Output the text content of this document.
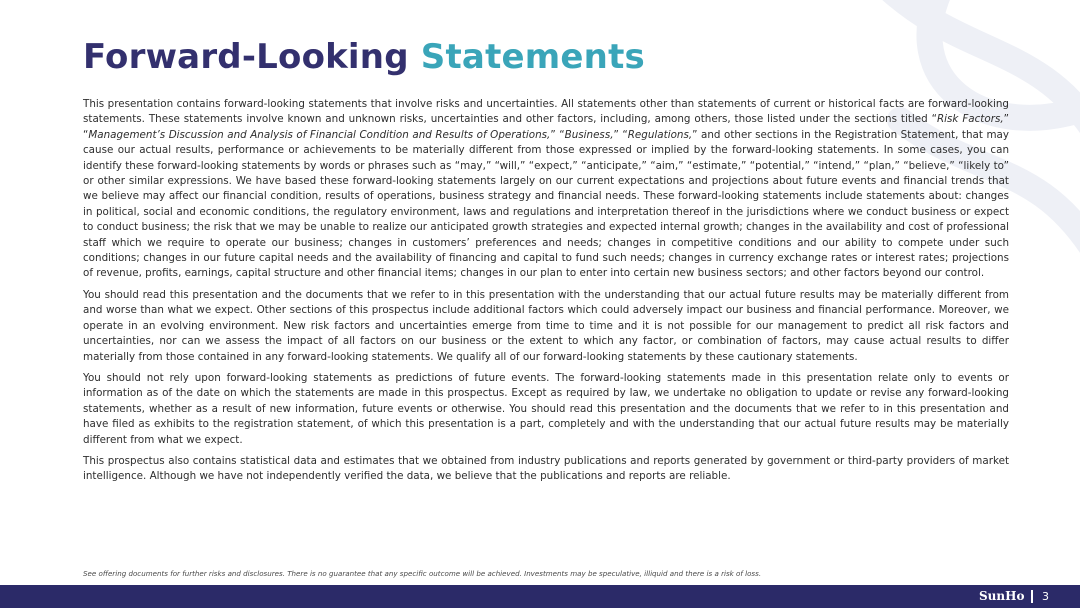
Forward-Looking Statements

This presentation contains forward-looking statements that involve risks and uncertainties. All statements other than statements of current or historical facts are forward-looking statements. These statements involve known and unknown risks, uncertainties and other factors, including, among others, those listed under the sections titled “Risk Factors,” “Management’s Discussion and Analysis of Financial Condition and Results of Operations,” “Business,” “Regulations,” and other sections in the Registration Statement, that may cause our actual results, performance or achievements to be materially different from those expressed or implied by the forward-looking statements. In some cases, you can identify these forward-looking statements by words or phrases such as “may,” “will,” “expect,” “anticipate,” “aim,” “estimate,” “potential,” “intend,” “plan,” “believe,” “likely to” or other similar expressions. We have based these forward-looking statements largely on our current expectations and projections about future events and financial trends that we believe may affect our financial condition, results of operations, business strategy and financial needs. These forward-looking statements include statements about: changes in political, social and economic conditions, the regulatory environment, laws and regulations and interpretation thereof in the jurisdictions where we conduct business or expect to conduct business; the risk that we may be unable to realize our anticipated growth strategies and expected internal growth; changes in the availability and cost of professional staff which we require to operate our business; changes in customers’ preferences and needs; changes in competitive conditions and our ability to compete under such conditions; changes in our future capital needs and the availability of financing and capital to fund such needs; changes in currency exchange rates or interest rates; projections of revenue, profits, earnings, capital structure and other financial items; changes in our plan to enter into certain new business sectors; and other factors beyond our control.

You should read this presentation and the documents that we refer to in this presentation with the understanding that our actual future results may be materially different from and worse than what we expect. Other sections of this prospectus include additional factors which could adversely impact our business and financial performance. Moreover, we operate in an evolving environment. New risk factors and uncertainties emerge from time to time and it is not possible for our management to predict all risk factors and uncertainties, nor can we assess the impact of all factors on our business or the extent to which any factor, or combination of factors, may cause actual results to differ materially from those contained in any forward-looking statements. We qualify all of our forward-looking statements by these cautionary statements.

You should not rely upon forward-looking statements as predictions of future events. The forward-looking statements made in this presentation relate only to events or information as of the date on which the statements are made in this prospectus. Except as required by law, we undertake no obligation to update or revise any forward-looking statements, whether as a result of new information, future events or otherwise. You should read this presentation and the documents that we refer to in this presentation and have filed as exhibits to the registration statement, of which this presentation is a part, completely and with the understanding that our actual future results may be materially different from what we expect.

This prospectus also contains statistical data and estimates that we obtained from industry publications and reports generated by government or third-party providers of market intelligence. Although we have not independently verified the data, we believe that the publications and reports are reliable.

See offering documents for further risks and disclosures. There is no guarantee that any specific outcome will be achieved. Investments may be speculative, illiquid and there is a risk of loss.

SunHo 3
